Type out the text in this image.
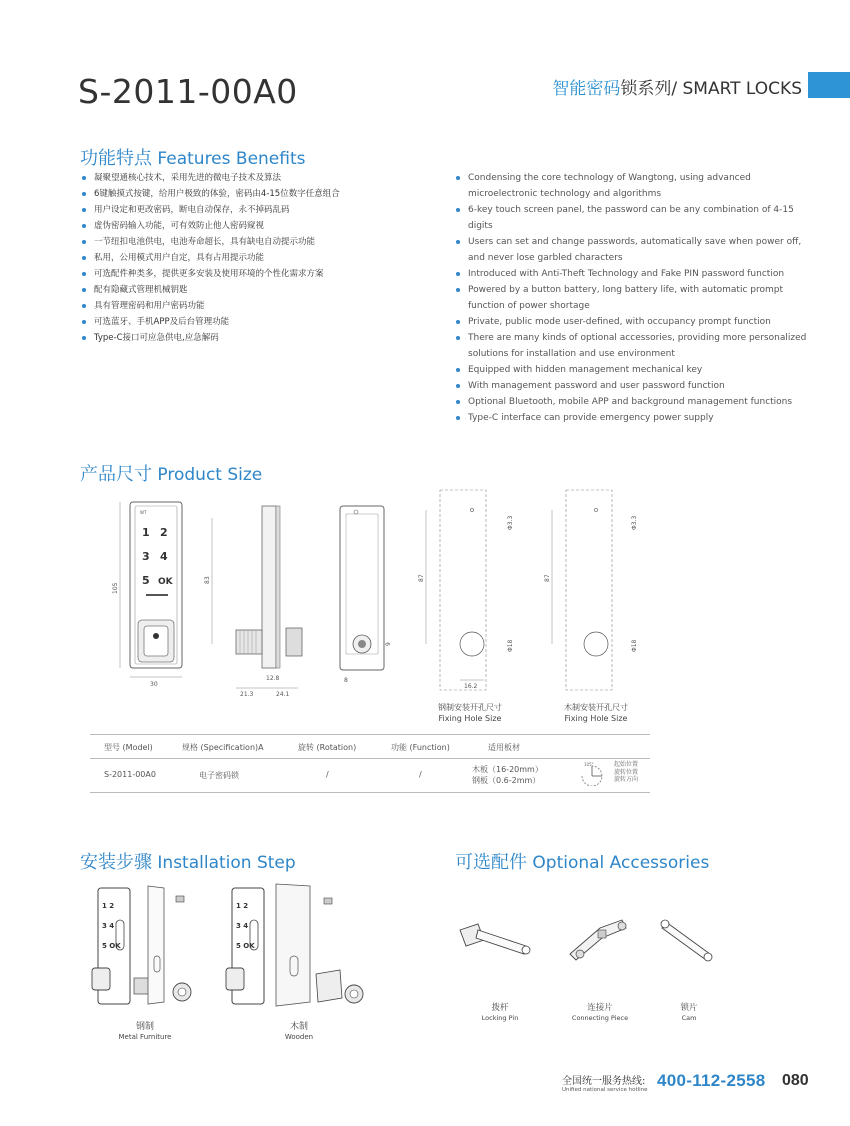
S-2011-00A0	智能密码锁系列/ SMART LOCKS
功能特点 Features Benefits
凝聚望通核心技术，采用先进的微电子技术及算法
6键触摸式按键，给用户极致的体验，密码由4-15位数字任意组合
用户设定和更改密码，断电自动保存，永不掉码乱码
虚伪密码输入功能，可有效防止他人密码窥视
一节纽扣电池供电，电池寿命超长，具有缺电自动提示功能
私用，公用模式用户自定，具有占用提示功能
可选配件种类多，提供更多安装及使用环境的个性化需求方案
配有隐藏式管理机械钥匙
具有管理密码和用户密码功能
可选蓝牙、手机APP及后台管理功能
Type-C接口可应急供电,应急解码
Condensing the core technology of Wangtong, using advanced microelectronic technology and algorithms
6-key touch screen panel, the password can be any combination of 4-15 digits
Users can set and change passwords, automatically save when power off, and never lose garbled characters
Introduced with Anti-Theft Technology and Fake PIN password function
Powered by a button battery, long battery life, with automatic prompt function of power shortage
Private, public mode user-defined, with occupancy prompt function
There are many kinds of optional accessories, providing more personalized solutions for installation and use environment
Equipped with hidden management mechanical key
With management password and user password function
Optional Bluetooth, mobile APP and background management functions
Type-C interface can provide emergency power supply
产品尺寸 Product Size
WT
1 2
3 4
5 OK
105
30
83
12.8
21.3	24.1
8
9
87
Φ3.3
Φ18
16.2
87
Φ3.3
Φ18
钢制安装开孔尺寸
Fixing Hole Size
木制安装开孔尺寸
Fixing Hole Size
型号 (Model)	规格 (Specification)A	旋转 (Rotation)	功能 (Function)	适用板材
S-2011-00A0	电子密码锁	/	/
木板（16-20mm）
钢板（0.6-2mm）
105°	起始位置
旋转位置
旋转方向
安装步骤 Installation Step
1 2
3 4
5 OK
1 2
3 4
5 OK
钢制
Metal Furniture
木制
Wooden
可选配件 Optional Accessories
拨杆
Locking Pin
连接片
Connecting Piece
锁片
Cam
全国统一服务热线:
Unified national service hotline 400-112-2558 080
